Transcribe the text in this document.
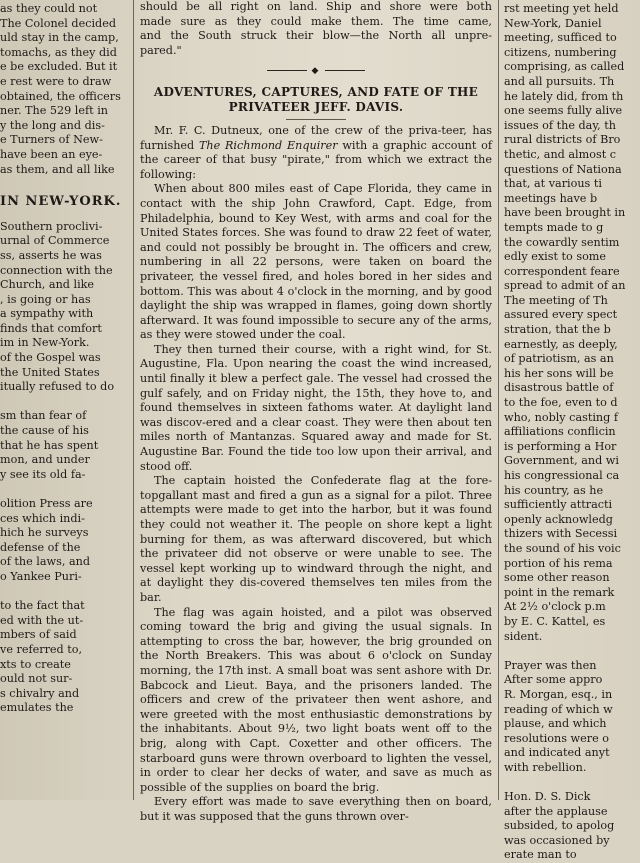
as they could not
The Colonel decided
uld stay in the camp,
tomachs, as they did
e be excluded. But it
e rest were to draw
obtained, the officers
ner. The 529 left in
y the long and dis-
e Turners of New-
have been an eye-
as them, and all like
IN NEW-YORK.
Southern proclivi-
urnal of Commerce
ss, asserts he was
connection with the
Church, and like
, is going or has
a sympathy with
finds that comfort
im in New-York.
of the Gospel was
the United States
itually refused to do

sm than fear of
the cause of his
that he has spent
mon, and under
y see its old fa-

olition Press are
ces which indi-
hich he surveys
defense of the
of the laws, and
o Yankee Puri-

to the fact that
ed with the ut-
mbers of said
ve referred to,
xts to create
ould not sur-
s chivalry and
emulates the
should be all right on land. Ship and shore were both
made sure as they could make them. The time came,
and the South struck their blow—the North all unpre-
pared."
◆
ADVENTURES, CAPTURES, AND FATE OF THE PRIVATEER JEFF. DAVIS.

Mr. F. C. Dutneux, one of the crew of the priva-teer, has furnished The Richmond Enquirer with a graphic account of the career of that busy "pirate," from which we extract the following:

When about 800 miles east of Cape Florida, they came in contact with the ship John Crawford, Capt. Edge, from Philadelphia, bound to Key West, with arms and coal for the United States forces. She was found to draw 22 feet of water, and could not possibly be brought in. The officers and crew, numbering in all 22 persons, were taken on board the privateer, the vessel fired, and holes bored in her sides and bottom. This was about 4 o'clock in the morning, and by good daylight the ship was wrapped in flames, going down shortly afterward. It was found impossible to secure any of the arms, as they were stowed under the coal.

They then turned their course, with a right wind, for St. Augustine, Fla. Upon nearing the coast the wind increased, until finally it blew a perfect gale. The vessel had crossed the gulf safely, and on Friday night, the 15th, they hove to, and found themselves in sixteen fathoms water. At daylight land was discov-ered and a clear coast. They were then about ten miles north of Mantanzas. Squared away and made for St. Augustine Bar. Found the tide too low upon their arrival, and stood off.

The captain hoisted the Confederate flag at the fore-topgallant mast and fired a gun as a signal for a pilot. Three attempts were made to get into the harbor, but it was found they could not weather it. The people on shore kept a light burning for them, as was afterward discovered, but which the privateer did not observe or were unable to see. The vessel kept working up to windward through the night, and at daylight they dis-covered themselves ten miles from the bar.

The flag was again hoisted, and a pilot was observed coming toward the brig and giving the usual signals. In attempting to cross the bar, however, the brig grounded on the North Breakers. This was about 6 o'clock on Sunday morning, the 17th inst. A small boat was sent ashore with Dr. Babcock and Lieut. Baya, and the prisoners landed. The officers and crew of the privateer then went ashore, and were greeted with the most enthusiastic demonstrations by the inhabitants. About 9½, two light boats went off to the brig, along with Capt. Coxetter and other officers. The starboard guns were thrown overboard to lighten the vessel, in order to clear her decks of water, and save as much as possible of the supplies on board the brig.

Every effort was made to save everything then on board, but it was supposed that the guns thrown over-

rst meeting yet held
New-York, Daniel
meeting, sufficed to
citizens, numbering
comprising, as called
and all pursuits. Th
he lately did, from th
one seems fully alive
issues of the day, th
rural districts of Bro
thetic, and almost c
questions of Nationa
that, at various ti
meetings have b
have been brought in
tempts made to g
the cowardly sentim
edly exist to some
correspondent feare
spread to admit of an
The meeting of Th
assured every spect
stration, that the b
earnestly, as deeply,
of patriotism, as an
his her sons will be
disastrous battle of
to the foe, even to d
who, nobly casting f
affiliations conflicin
is performing a Hor
Government, and wi
his congressional ca
his country, as he
sufficiently attracti
openly acknowledg
thizers with Secessi
the sound of his voic
portion of his rema
some other reason
point in the remark
At 2½ o'clock p.m
by E. C. Kattel, es
sident.

Prayer was then
After some appro
R. Morgan, esq., in
reading of which w
plause, and which
resolutions were o
and indicated anyt
with rebellion.

Hon. D. S. Dick
after the applause
subsided, to apolog
was occasioned by
erate man to
